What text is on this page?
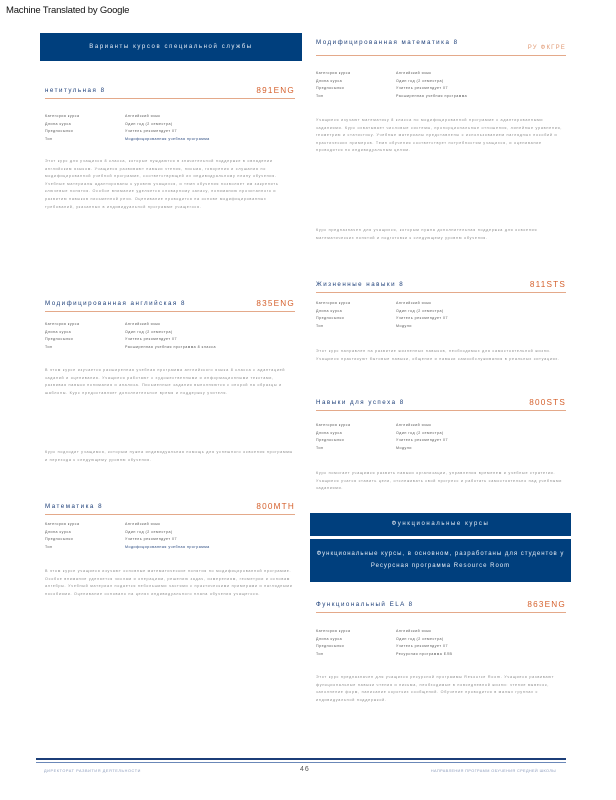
Machine Translated by Google
Варианты курсов специальной службы
нетитульная 8	891ENG
Категория курса	Английский язык
Длина курса	Один год (2 семестра)
Предпосылки	Учитель рекомендует 07
Тип	Модифицированная учебная программа

Этот курс для учащихся 8 класса, которые нуждаются в значительной поддержке в овладении английским языком. Учащиеся развивают навыки чтения, письма, говорения и слушания по модифицированной учебной программе, соответствующей их индивидуальному плану обучения. Учебные материалы адаптированы к уровню учащихся, и темп обучения позволяет им закрепить ключевые понятия. Особое внимание уделяется словарному запасу, пониманию прочитанного и развитию навыков письменной речи. Оценивание проводится на основе модифицированных требований, указанных в индивидуальной программе учащегося.

Модифицированная английская 8	835ENG
Категория курса	Английский язык
Длина курса	Один год (2 семестра)
Предпосылки	Учитель рекомендует 07
Тип	Расширенная учебная программа 8 класса

В этом курсе изучается расширенная учебная программа английского языка 8 класса с адаптацией заданий и оценивания. Учащиеся работают с художественными и информационными текстами, развивая навыки понимания и анализа. Письменные задания выполняются с опорой на образцы и шаблоны. Курс предоставляет дополнительное время и поддержку учителя.

Курс подходит учащимся, которым нужна индивидуальная помощь для успешного освоения программы и перехода к следующему уровню обучения.

Математика 8	800MTH
Категория курса	Английский язык
Длина курса	Один год (2 семестра)
Предпосылки	Учитель рекомендует 07
Тип	Модифицированная учебная программа

В этом курсе учащиеся изучают основные математические понятия по модифицированной программе. Особое внимание уделяется числам и операциям, решению задач, измерениям, геометрии и основам алгебры. Учебный материал подается небольшими частями с практическими примерами и наглядными пособиями. Оценивание основано на целях индивидуального плана обучения учащегося.

Модифицированная математика 8
РУ ФКГРЕ
Категория курса	Английский язык
Длина курса	Один год (2 семестра)
Предпосылки	Учитель рекомендует 07
Тип	Расширенная учебная программа

Учащиеся изучают математику 8 класса по модифицированной программе с адаптированными заданиями. Курс охватывает числовые системы, пропорциональные отношения, линейные уравнения, геометрию и статистику. Учебные материалы представлены с использованием наглядных пособий и практических примеров. Темп обучения соответствует потребностям учащихся, и оценивание проводится по индивидуальным целям.

Курс предназначен для учащихся, которым нужна дополнительная поддержка для освоения математических понятий и подготовки к следующему уровню обучения.

Жизненные навыки 8	811STS
Категория курса	Английский язык
Длина курса	Один год (2 семестра)
Предпосылки	Учитель рекомендует 07
Тип	Модули

Этот курс направлен на развитие жизненных навыков, необходимых для самостоятельной жизни. Учащиеся практикуют бытовые навыки, общение и навыки самообслуживания в реальных ситуациях.

Навыки для успеха 8	800STS
Категория курса	Английский язык
Длина курса	Один год (2 семестра)
Предпосылки	Учитель рекомендует 07
Тип	Модули

Курс помогает учащимся развить навыки организации, управления временем и учебные стратегии. Учащиеся учатся ставить цели, отслеживать свой прогресс и работать самостоятельно над учебными заданиями.

Функциональные курсы
Функциональные курсы, в основном, разработаны для студентов у
Ресурсная программа Resource Room
Функциональный ELA 8	863ENG
Категория курса	Английский язык
Длина курса	Один год (2 семестра)
Предпосылки	Учитель рекомендует 07
Тип	Ресурсная программа ЕЛВ

Этот курс предназначен для учащихся ресурсной программы Resource Room. Учащиеся развивают функциональные навыки чтения и письма, необходимые в повседневной жизни: чтение вывесок, заполнение форм, написание коротких сообщений. Обучение проводится в малых группах с индивидуальной поддержкой.

ДИРЕКТОРАТ РАЗВИТИЯ ДЕЯТЕЛЬНОСТИ	46	НАПРАВЛЕНИЯ ПРОГРАММ ОБУЧЕНИЯ СРЕДНЕЙ ШКОЛЫ
